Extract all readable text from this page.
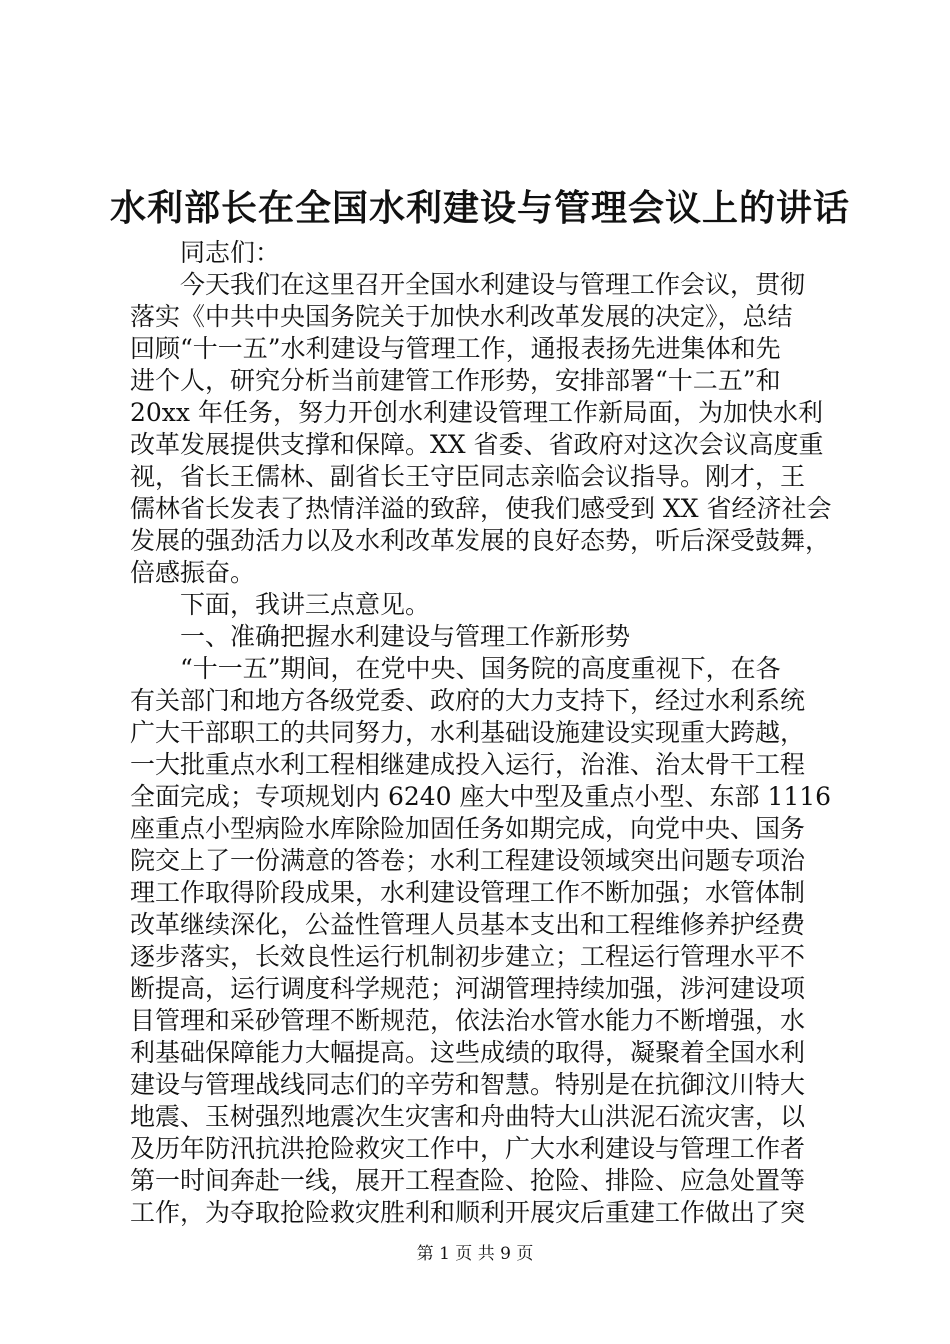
水利部长在全国水利建设与管理会议上的讲话
同志们：
今天我们在这里召开全国水利建设与管理工作会议，贯彻
落实《中共中央国务院关于加快水利改革发展的决定》，总结
回顾“十一五”水利建设与管理工作，通报表扬先进集体和先
进个人，研究分析当前建管工作形势，安排部署“十二五”和
20xx 年任务，努力开创水利建设管理工作新局面，为加快水利
改革发展提供支撑和保障。XX 省委、省政府对这次会议高度重
视，省长王儒林、副省长王守臣同志亲临会议指导。刚才，王
儒林省长发表了热情洋溢的致辞，使我们感受到 XX 省经济社会
发展的强劲活力以及水利改革发展的良好态势，听后深受鼓舞，
倍感振奋。
下面，我讲三点意见。
一、准确把握水利建设与管理工作新形势
“十一五”期间，在党中央、国务院的高度重视下，在各
有关部门和地方各级党委、政府的大力支持下，经过水利系统
广大干部职工的共同努力，水利基础设施建设实现重大跨越，
一大批重点水利工程相继建成投入运行，治淮、治太骨干工程
全面完成；专项规划内 6240 座大中型及重点小型、东部 1116
座重点小型病险水库除险加固任务如期完成，向党中央、国务
院交上了一份满意的答卷；水利工程建设领域突出问题专项治
理工作取得阶段成果，水利建设管理工作不断加强；水管体制
改革继续深化，公益性管理人员基本支出和工程维修养护经费
逐步落实，长效良性运行机制初步建立；工程运行管理水平不
断提高，运行调度科学规范；河湖管理持续加强，涉河建设项
目管理和采砂管理不断规范，依法治水管水能力不断增强，水
利基础保障能力大幅提高。这些成绩的取得，凝聚着全国水利
建设与管理战线同志们的辛劳和智慧。特别是在抗御汶川特大
地震、玉树强烈地震次生灾害和舟曲特大山洪泥石流灾害，以
及历年防汛抗洪抢险救灾工作中，广大水利建设与管理工作者
第一时间奔赴一线，展开工程查险、抢险、排险、应急处置等
工作，为夺取抢险救灾胜利和顺利开展灾后重建工作做出了突
第 1 页 共 9 页
